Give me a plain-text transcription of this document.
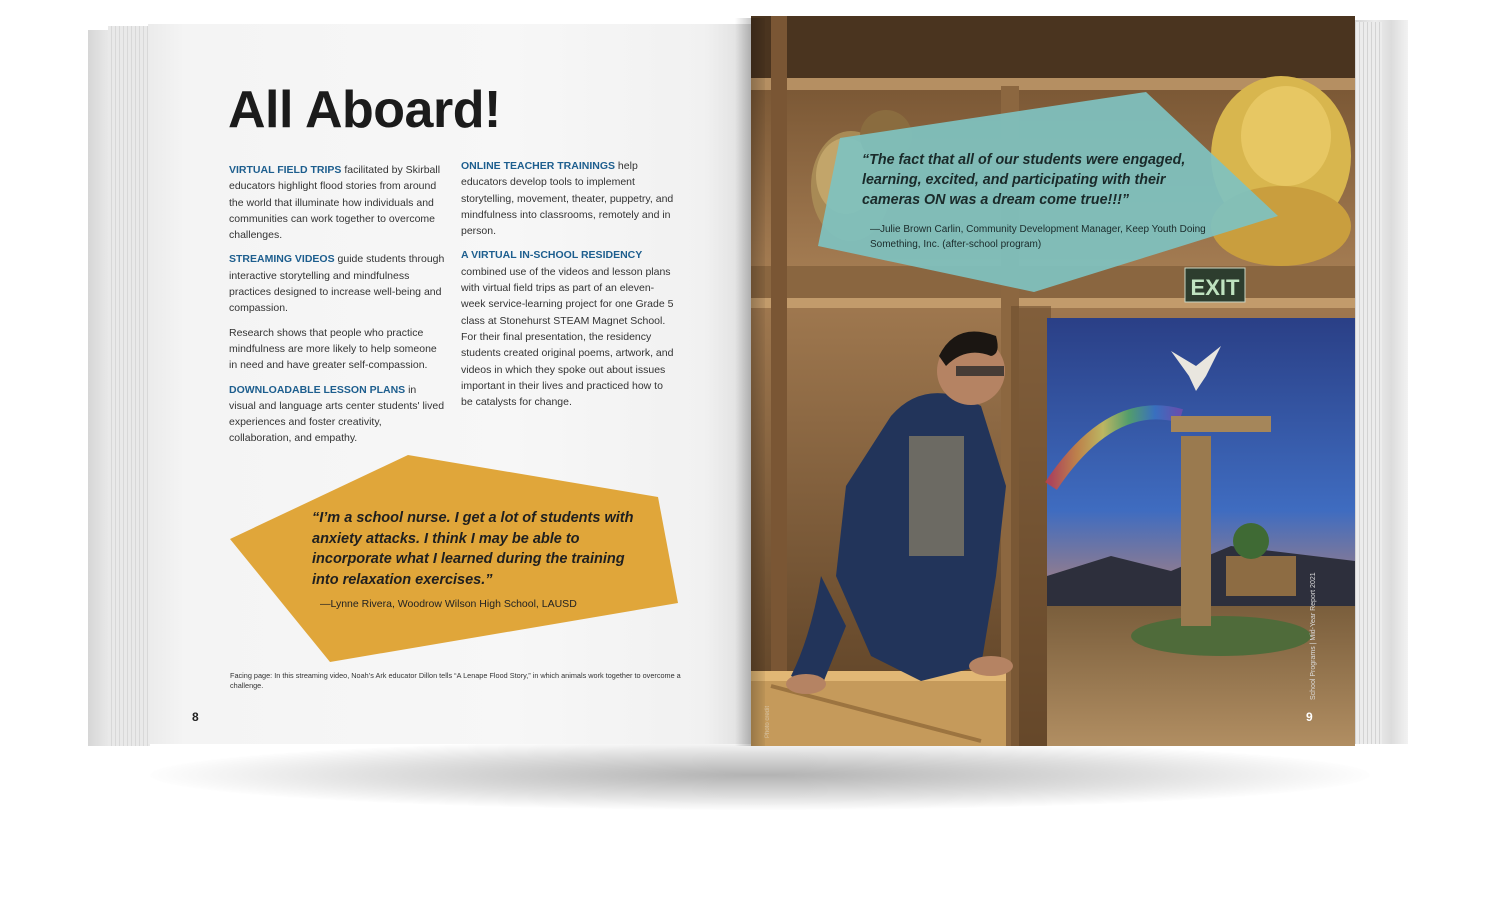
All Aboard!

VIRTUAL FIELD TRIPS facilitated by Skirball educators highlight flood stories from around the world that illuminate how individuals and communities can work together to overcome challenges.

STREAMING VIDEOS guide students through interactive storytelling and mindfulness practices designed to increase well-being and compassion.

Research shows that people who practice mindfulness are more likely to help someone in need and have greater self-compassion.

DOWNLOADABLE LESSON PLANS in visual and language arts center students' lived experiences and foster creativity, collaboration, and empathy.

ONLINE TEACHER TRAININGS help educators develop tools to implement storytelling, movement, theater, puppetry, and mindfulness into classrooms, remotely and in person.

A VIRTUAL IN-SCHOOL RESIDENCY combined use of the videos and lesson plans with virtual field trips as part of an eleven-week service-learning project for one Grade 5 class at Stonehurst STEAM Magnet School. For their final presentation, the residency students created original poems, artwork, and videos in which they spoke out about issues important in their lives and practiced how to be catalysts for change.

“I’m a school nurse. I get a lot of students with anxiety attacks. I think I may be able to incorporate what I learned during the training into relaxation exercises.”
—Lynne Rivera, Woodrow Wilson High School, LAUSD
Facing page: In this streaming video, Noah’s Ark educator Dillon tells “A Lenape Flood Story,” in which animals work together to overcome a challenge.
8
EXIT
“The fact that all of our students were engaged, learning, excited, and participating with their cameras ON was a dream come true!!!”
—Julie Brown Carlin, Community Development Manager, Keep Youth Doing Something, Inc. (after-school program)
School Programs | Mid-Year Report 2021
Photo credit	9
